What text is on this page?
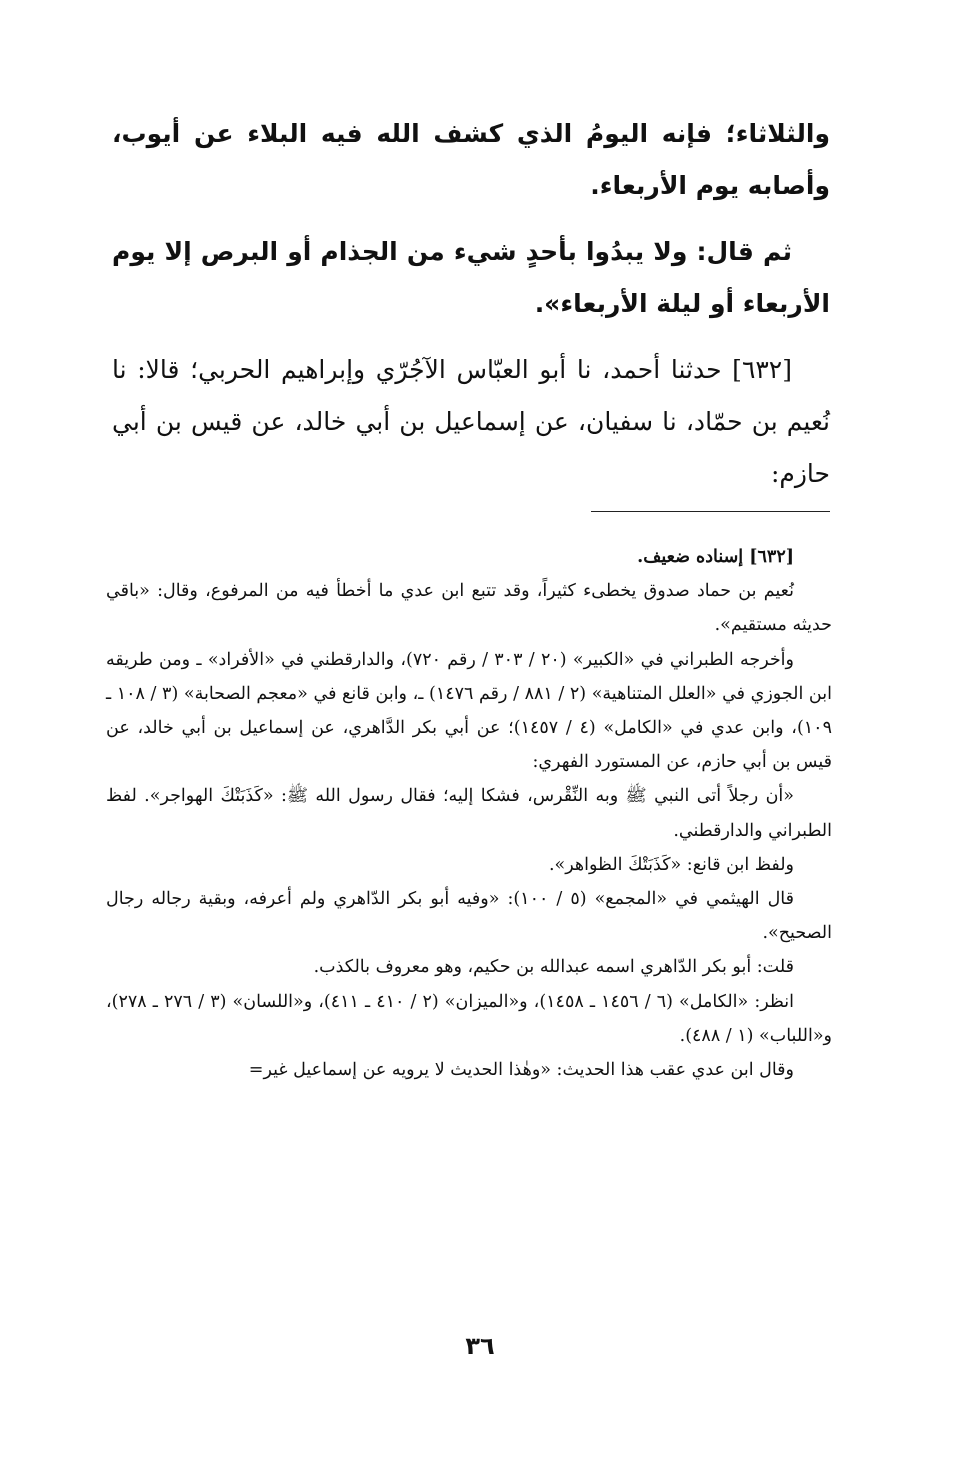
والثلاثاء؛ فإنه اليومُ الذي كشف الله فيه البلاء عن أيوب، وأصابه يوم الأربعاء.

ثم قال: ولا يبدُوا بأحدٍ شيء من الجذام أو البرص إلا يوم الأربعاء أو ليلة الأربعاء».

[٦٣٢] حدثنا أحمد، نا أبو العبّاس الآجُرّي وإبراهيم الحربي؛ قالا: نا نُعيم بن حمّاد، نا سفيان، عن إسماعيل بن أبي خالد، عن قيس بن أبي حازم:

[٦٣٢] إسناده ضعيف.

نُعيم بن حماد صدوق يخطىء كثيراً، وقد تتبع ابن عدي ما أخطأ فيه من المرفوع، وقال: «باقي حديثه مستقيم».

وأخرجه الطبراني في «الكبير» (٢٠ / ٣٠٣ / رقم ٧٢٠)، والدارقطني في «الأفراد» ـ ومن طريقه ابن الجوزي في «العلل المتناهية» (٢ / ٨٨١ / رقم ١٤٧٦) ـ، وابن قانع في «معجم الصحابة» (٣ / ١٠٨ ـ ١٠٩)، وابن عدي في «الكامل» (٤ / ١٤٥٧)؛ عن أبي بكر الدَّاهري، عن إسماعيل بن أبي خالد، عن قيس بن أبي حازم، عن المستورد الفهري:

«أن رجلاً أتى النبي ﷺ وبه النِّقْرس، فشكا إليه؛ فقال رسول الله ﷺ: «كَذَبَتْكَ الهواجر». لفظ الطبراني والدارقطني.

ولفظ ابن قانع: «كَذَبَتْكَ الظواهر».

قال الهيثمي في «المجمع» (٥ / ١٠٠): «وفيه أبو بكر الدّاهري ولم أعرفه، وبقية رجاله رجال الصحيح».

قلت: أبو بكر الدّاهري اسمه عبدالله بن حكيم، وهو معروف بالكذب.

انظر: «الكامل» (٦ / ١٤٥٦ ـ ١٤٥٨)، و«الميزان» (٢ / ٤١٠ ـ ٤١١)، و«اللسان» (٣ / ٢٧٦ ـ ٢٧٨)، و«اللباب» (١ / ٤٨٨).

وقال ابن عدي عقب هذا الحديث: «وهٰذا الحديث لا يرويه عن إسماعيل غير=

٣٦
